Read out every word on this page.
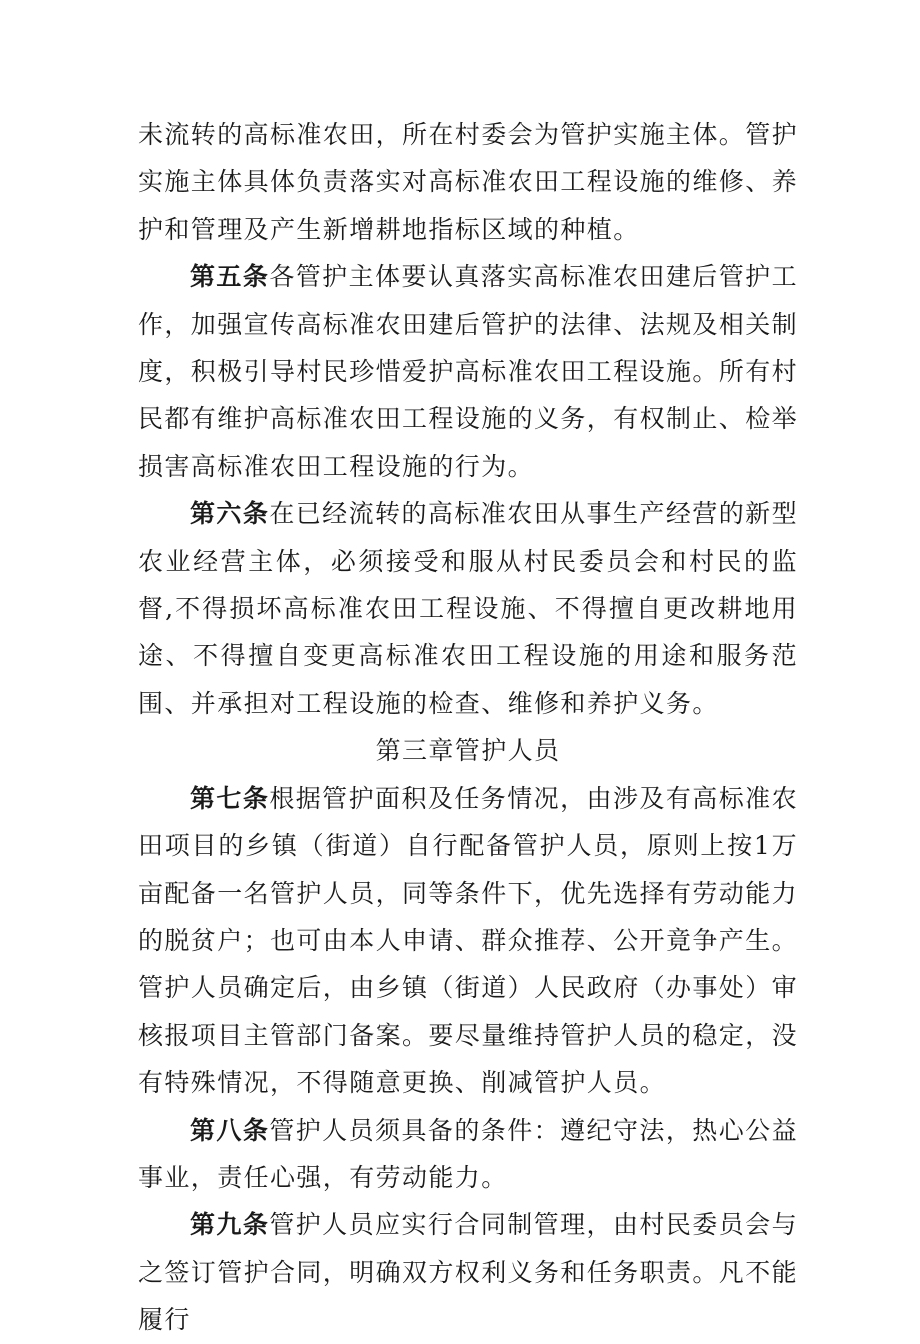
未流转的高标准农田，所在村委会为管护实施主体。管护实施主体具体负责落实对高标准农田工程设施的维修、养护和管理及产生新增耕地指标区域的种植。

第五条各管护主体要认真落实高标准农田建后管护工作，加强宣传高标准农田建后管护的法律、法规及相关制度，积极引导村民珍惜爱护高标准农田工程设施。所有村民都有维护高标准农田工程设施的义务，有权制止、检举损害高标准农田工程设施的行为。

第六条在已经流转的高标准农田从事生产经营的新型农业经营主体，必须接受和服从村民委员会和村民的监督,不得损坏高标准农田工程设施、不得擅自更改耕地用途、不得擅自变更高标准农田工程设施的用途和服务范围、并承担对工程设施的检查、维修和养护义务。

第三章管护人员

第七条根据管护面积及任务情况，由涉及有高标准农田项目的乡镇（街道）自行配备管护人员，原则上按1万亩配备一名管护人员，同等条件下，优先选择有劳动能力的脱贫户；也可由本人申请、群众推荐、公开竟争产生。管护人员确定后，由乡镇（街道）人民政府（办事处）审核报项目主管部门备案。要尽量维持管护人员的稳定，没有特殊情况，不得随意更换、削减管护人员。

第八条管护人员须具备的条件：遵纪守法，热心公益事业，责任心强，有劳动能力。

第九条管护人员应实行合同制管理，由村民委员会与之签订管护合同，明确双方权利义务和任务职责。凡不能履行
